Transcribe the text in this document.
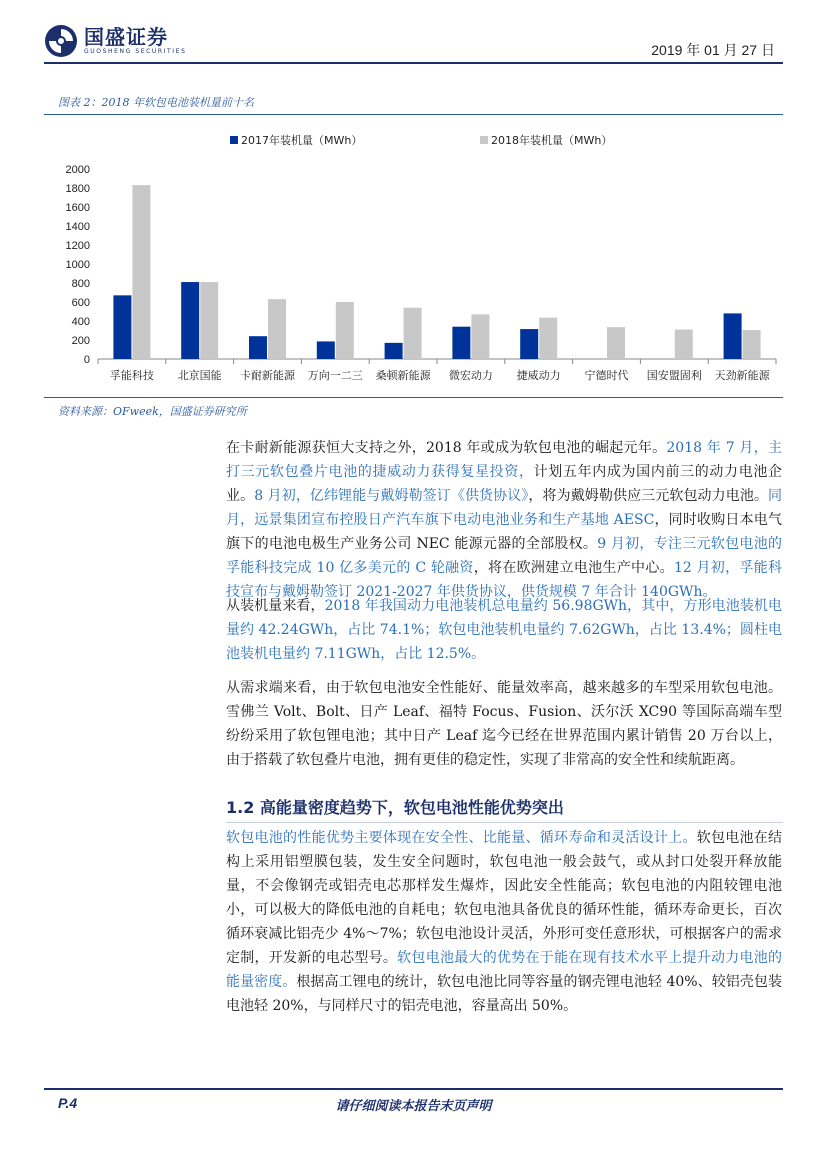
国盛证券
GUOSHENG SECURITIES	2019 年 01 月 27 日
图表 2：2018 年软包电池装机量前十名
2017年装机量（MWh）	2018年装机量（MWh）
0
200
400
600
800
1000
1200
1400
1600
1800
2000
孚能科技 北京国能 卡耐新能源 万向一二三 桑顿新能源 微宏动力 捷威动力 宁德时代 国安盟固利 天劲新能源
资料来源：OFweek，国盛证券研究所
在卡耐新能源获恒大支持之外，2018 年或成为软包电池的崛起元年。2018 年 7 月，主打三元软包叠片电池的捷威动力获得复星投资，计划五年内成为国内前三的动力电池企业。8 月初，亿纬锂能与戴姆勒签订《供货协议》，将为戴姆勒供应三元软包动力电池。同月，远景集团宣布控股日产汽车旗下电动电池业务和生产基地 AESC，同时收购日本电气旗下的电池电极生产业务公司 NEC 能源元器的全部股权。9 月初，专注三元软包电池的孚能科技完成 10 亿多美元的 C 轮融资，将在欧洲建立电池生产中心。12 月初，孚能科技宣布与戴姆勒签订 2021-2027 年供货协议，供货规模 7 年合计 140GWh。
从装机量来看，2018 年我国动力电池装机总电量约 56.98GWh，其中，方形电池装机电量约 42.24GWh，占比 74.1%；软包电池装机电量约 7.62GWh，占比 13.4%；圆柱电池装机电量约 7.11GWh，占比 12.5%。
从需求端来看，由于软包电池安全性能好、能量效率高，越来越多的车型采用软包电池。雪佛兰 Volt、Bolt、日产 Leaf、福特 Focus、Fusion、沃尔沃 XC90 等国际高端车型纷纷采用了软包锂电池；其中日产 Leaf 迄今已经在世界范围内累计销售 20 万台以上，由于搭载了软包叠片电池，拥有更佳的稳定性，实现了非常高的安全性和续航距离。
1.2 高能量密度趋势下，软包电池性能优势突出
软包电池的性能优势主要体现在安全性、比能量、循环寿命和灵活设计上。软包电池在结构上采用铝塑膜包装，发生安全问题时，软包电池一般会鼓气，或从封口处裂开释放能量，不会像钢壳或铝壳电芯那样发生爆炸，因此安全性能高；软包电池的内阻较锂电池小，可以极大的降低电池的自耗电；软包电池具备优良的循环性能，循环寿命更长，百次循环衰减比铝壳少 4%～7%；软包电池设计灵活，外形可变任意形状，可根据客户的需求定制，开发新的电芯型号。软包电池最大的优势在于能在现有技术水平上提升动力电池的能量密度。根据高工锂电的统计，软包电池比同等容量的钢壳锂电池轻 40%、较铝壳包装电池轻 20%，与同样尺寸的铝壳电池，容量高出 50%。
P.4	请仔细阅读本报告末页声明
